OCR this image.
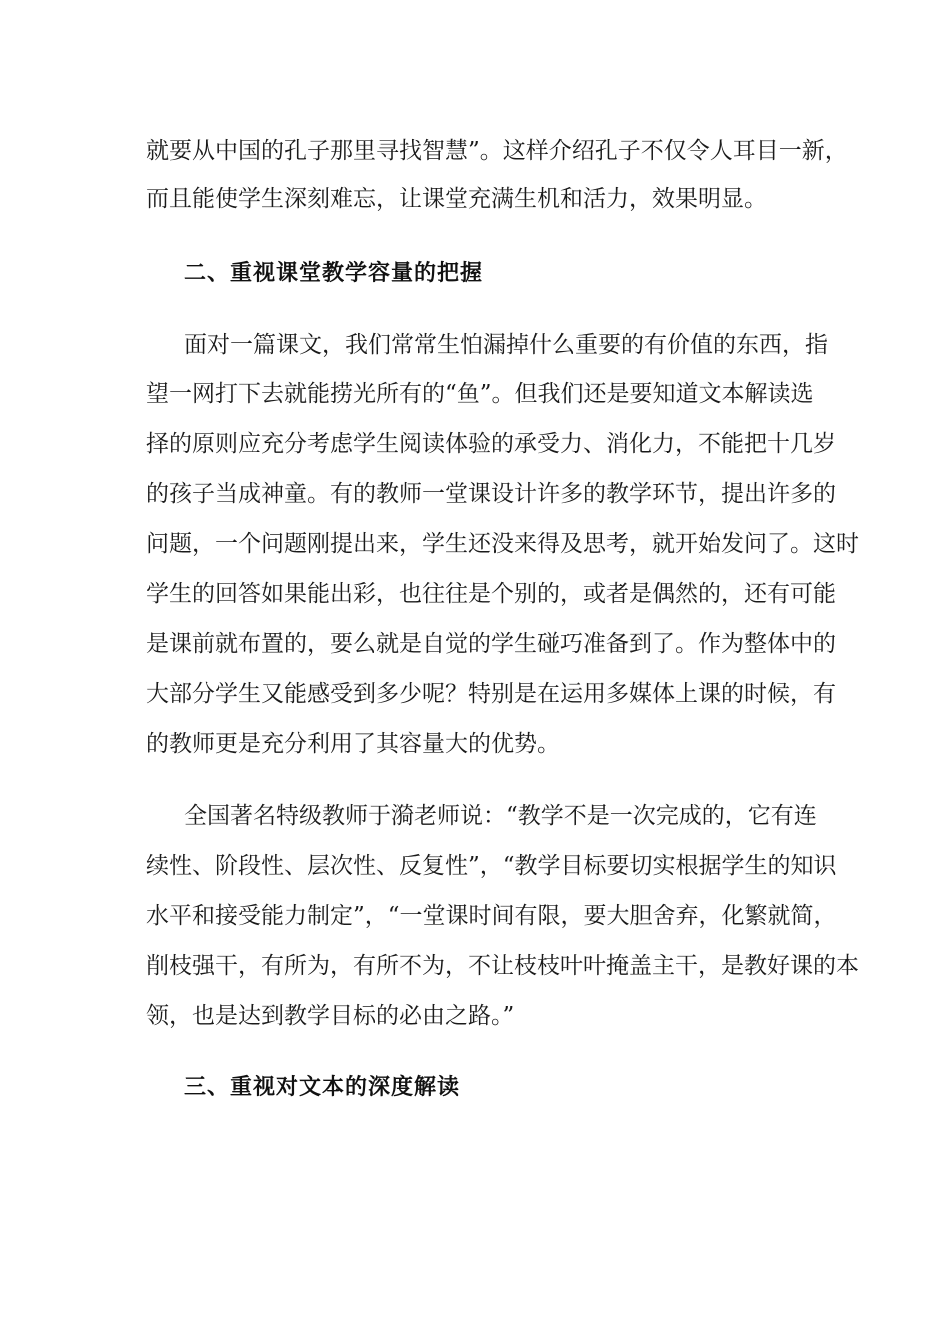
就要从中国的孔子那里寻找智慧”。这样介绍孔子不仅令人耳目一新，
而且能使学生深刻难忘，让课堂充满生机和活力，效果明显。
二、重视课堂教学容量的把握
面对一篇课文，我们常常生怕漏掉什么重要的有价值的东西，指
望一网打下去就能捞光所有的“鱼”。但我们还是要知道文本解读选
择的原则应充分考虑学生阅读体验的承受力、消化力，不能把十几岁
的孩子当成神童。有的教师一堂课设计许多的教学环节，提出许多的
问题，一个问题刚提出来，学生还没来得及思考，就开始发问了。这时
学生的回答如果能出彩，也往往是个别的，或者是偶然的，还有可能
是课前就布置的，要么就是自觉的学生碰巧准备到了。作为整体中的
大部分学生又能感受到多少呢？特别是在运用多媒体上课的时候，有
的教师更是充分利用了其容量大的优势。
全国著名特级教师于漪老师说：“教学不是一次完成的，它有连
续性、阶段性、层次性、反复性”，“教学目标要切实根据学生的知识
水平和接受能力制定”，“一堂课时间有限，要大胆舍弃，化繁就简，
削枝强干，有所为，有所不为，不让枝枝叶叶掩盖主干，是教好课的本
领，也是达到教学目标的必由之路。”
三、重视对文本的深度解读
